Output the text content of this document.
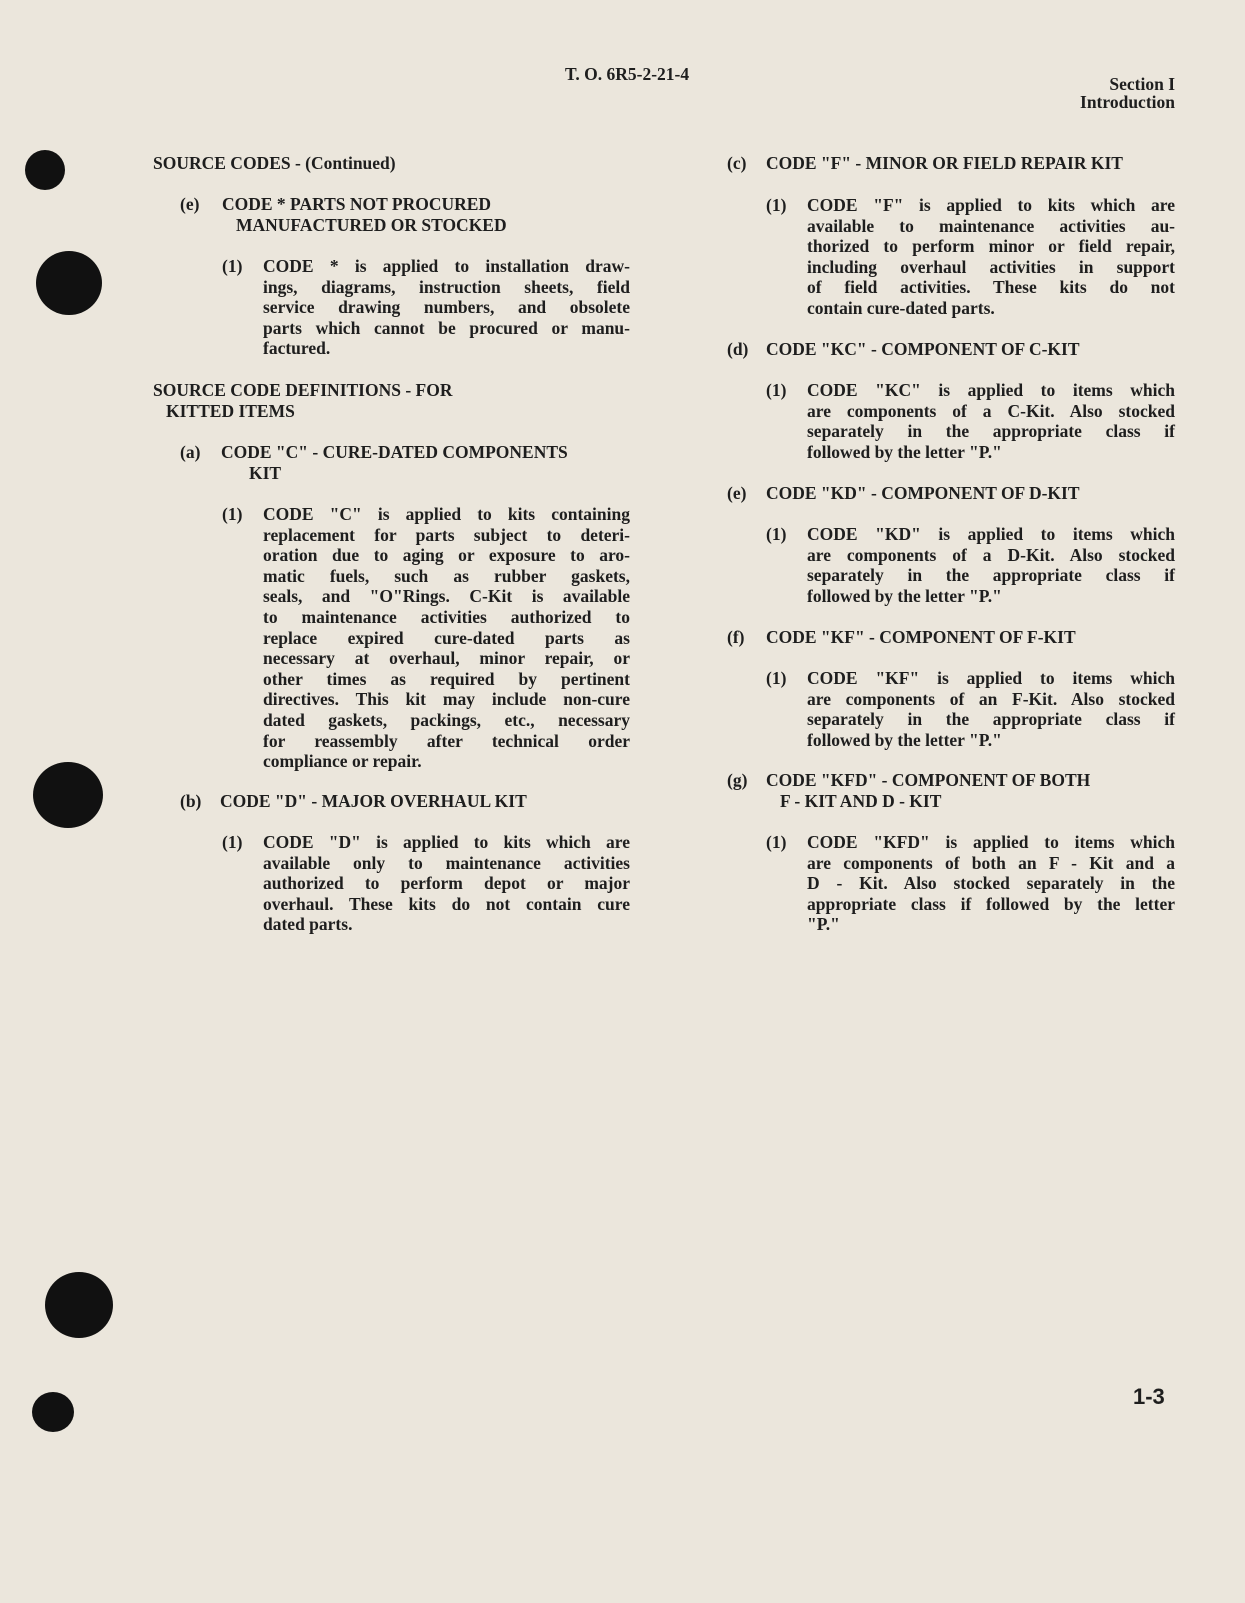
T. O. 6R5-2-21-4	Section I
Introduction
SOURCE CODES - (Continued)
(e) CODE * PARTS NOT PROCURED
MANUFACTURED OR STOCKED
(1) CODE * is applied to installation draw-
ings, diagrams, instruction sheets, field
service drawing numbers, and obsolete
parts which cannot be procured or manu-
factured.
SOURCE CODE DEFINITIONS - FOR
KITTED ITEMS
(a) CODE "C" - CURE-DATED COMPONENTS
KIT
(1) CODE "C" is applied to kits containing
replacement for parts subject to deteri-
oration due to aging or exposure to aro-
matic fuels, such as rubber gaskets,
seals, and "O"Rings. C-Kit is available
to maintenance activities authorized to
replace expired cure-dated parts as
necessary at overhaul, minor repair, or
other times as required by pertinent
directives. This kit may include non-cure
dated gaskets, packings, etc., necessary
for reassembly after technical order
compliance or repair.
(b) CODE "D" - MAJOR OVERHAUL KIT
(1) CODE "D" is applied to kits which are
available only to maintenance activities
authorized to perform depot or major
overhaul. These kits do not contain cure
dated parts.
(c) CODE "F" - MINOR OR FIELD REPAIR KIT
(1) CODE "F" is applied to kits which are
available to maintenance activities au-
thorized to perform minor or field repair,
including overhaul activities in support
of field activities. These kits do not
contain cure-dated parts.
(d) CODE "KC" - COMPONENT OF C-KIT
(1) CODE "KC" is applied to items which
are components of a C-Kit. Also stocked
separately in the appropriate class if
followed by the letter "P."
(e) CODE "KD" - COMPONENT OF D-KIT
(1) CODE "KD" is applied to items which
are components of a D-Kit. Also stocked
separately in the appropriate class if
followed by the letter "P."
(f) CODE "KF" - COMPONENT OF F-KIT
(1) CODE "KF" is applied to items which
are components of an F-Kit. Also stocked
separately in the appropriate class if
followed by the letter "P."
(g) CODE "KFD" - COMPONENT OF BOTH
F - KIT AND D - KIT
(1) CODE "KFD" is applied to items which
are components of both an F - Kit and a
D - Kit. Also stocked separately in the
appropriate class if followed by the letter
"P."
1-3
